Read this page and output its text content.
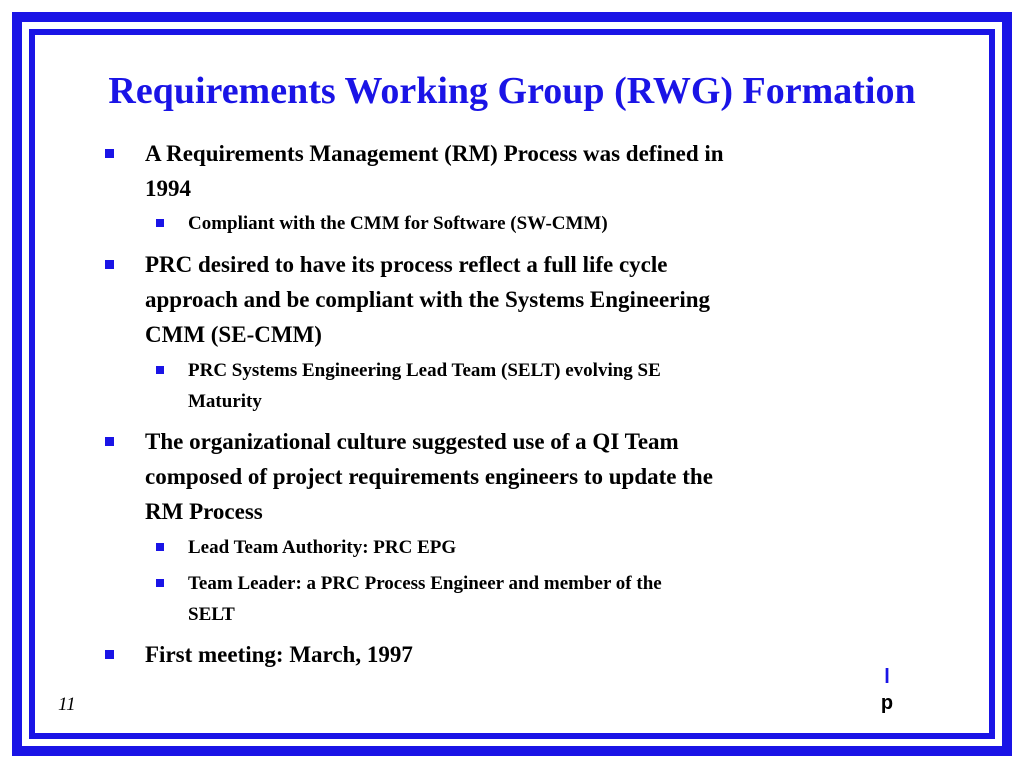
Requirements Working Group (RWG) Formation
A Requirements Management (RM) Process was defined in
1994
Compliant with the CMM for Software (SW-CMM)
PRC desired to have its process reflect a full life cycle
approach and be compliant with the Systems Engineering
CMM (SE-CMM)
PRC Systems Engineering Lead Team (SELT) evolving SE
Maturity
The organizational culture suggested use of a QI Team
composed of project requirements engineers to update the
RM Process
Lead Team Authority: PRC EPG
Team Leader: a PRC Process Engineer and member of the
SELT
First meeting: March, 1997
11
l
p
